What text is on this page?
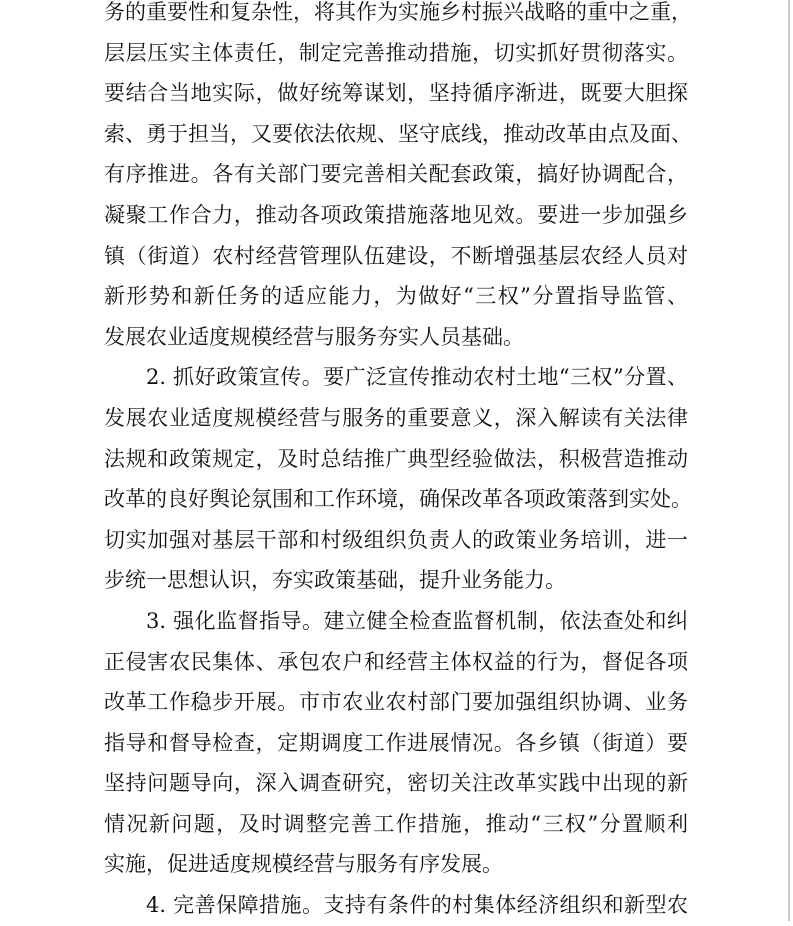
务的重要性和复杂性，将其作为实施乡村振兴战略的重中之重，

层层压实主体责任，制定完善推动措施，切实抓好贯彻落实。

要结合当地实际，做好统筹谋划，坚持循序渐进，既要大胆探

索、勇于担当，又要依法依规、坚守底线，推动改革由点及面、

有序推进。各有关部门要完善相关配套政策，搞好协调配合，

凝聚工作合力，推动各项政策措施落地见效。要进一步加强乡

镇（街道）农村经营管理队伍建设，不断增强基层农经人员对

新形势和新任务的适应能力，为做好“三权”分置指导监管、

发展农业适度规模经营与服务夯实人员基础。

2. 抓好政策宣传。要广泛宣传推动农村土地“三权”分置、

发展农业适度规模经营与服务的重要意义，深入解读有关法律

法规和政策规定，及时总结推广典型经验做法，积极营造推动

改革的良好舆论氛围和工作环境，确保改革各项政策落到实处。

切实加强对基层干部和村级组织负责人的政策业务培训，进一

步统一思想认识，夯实政策基础，提升业务能力。

3. 强化监督指导。建立健全检查监督机制，依法查处和纠

正侵害农民集体、承包农户和经营主体权益的行为，督促各项

改革工作稳步开展。市市农业农村部门要加强组织协调、业务

指导和督导检查，定期调度工作进展情况。各乡镇（街道）要

坚持问题导向，深入调查研究，密切关注改革实践中出现的新

情况新问题，及时调整完善工作措施，推动“三权”分置顺利

实施，促进适度规模经营与服务有序发展。

4. 完善保障措施。支持有条件的村集体经济组织和新型农
